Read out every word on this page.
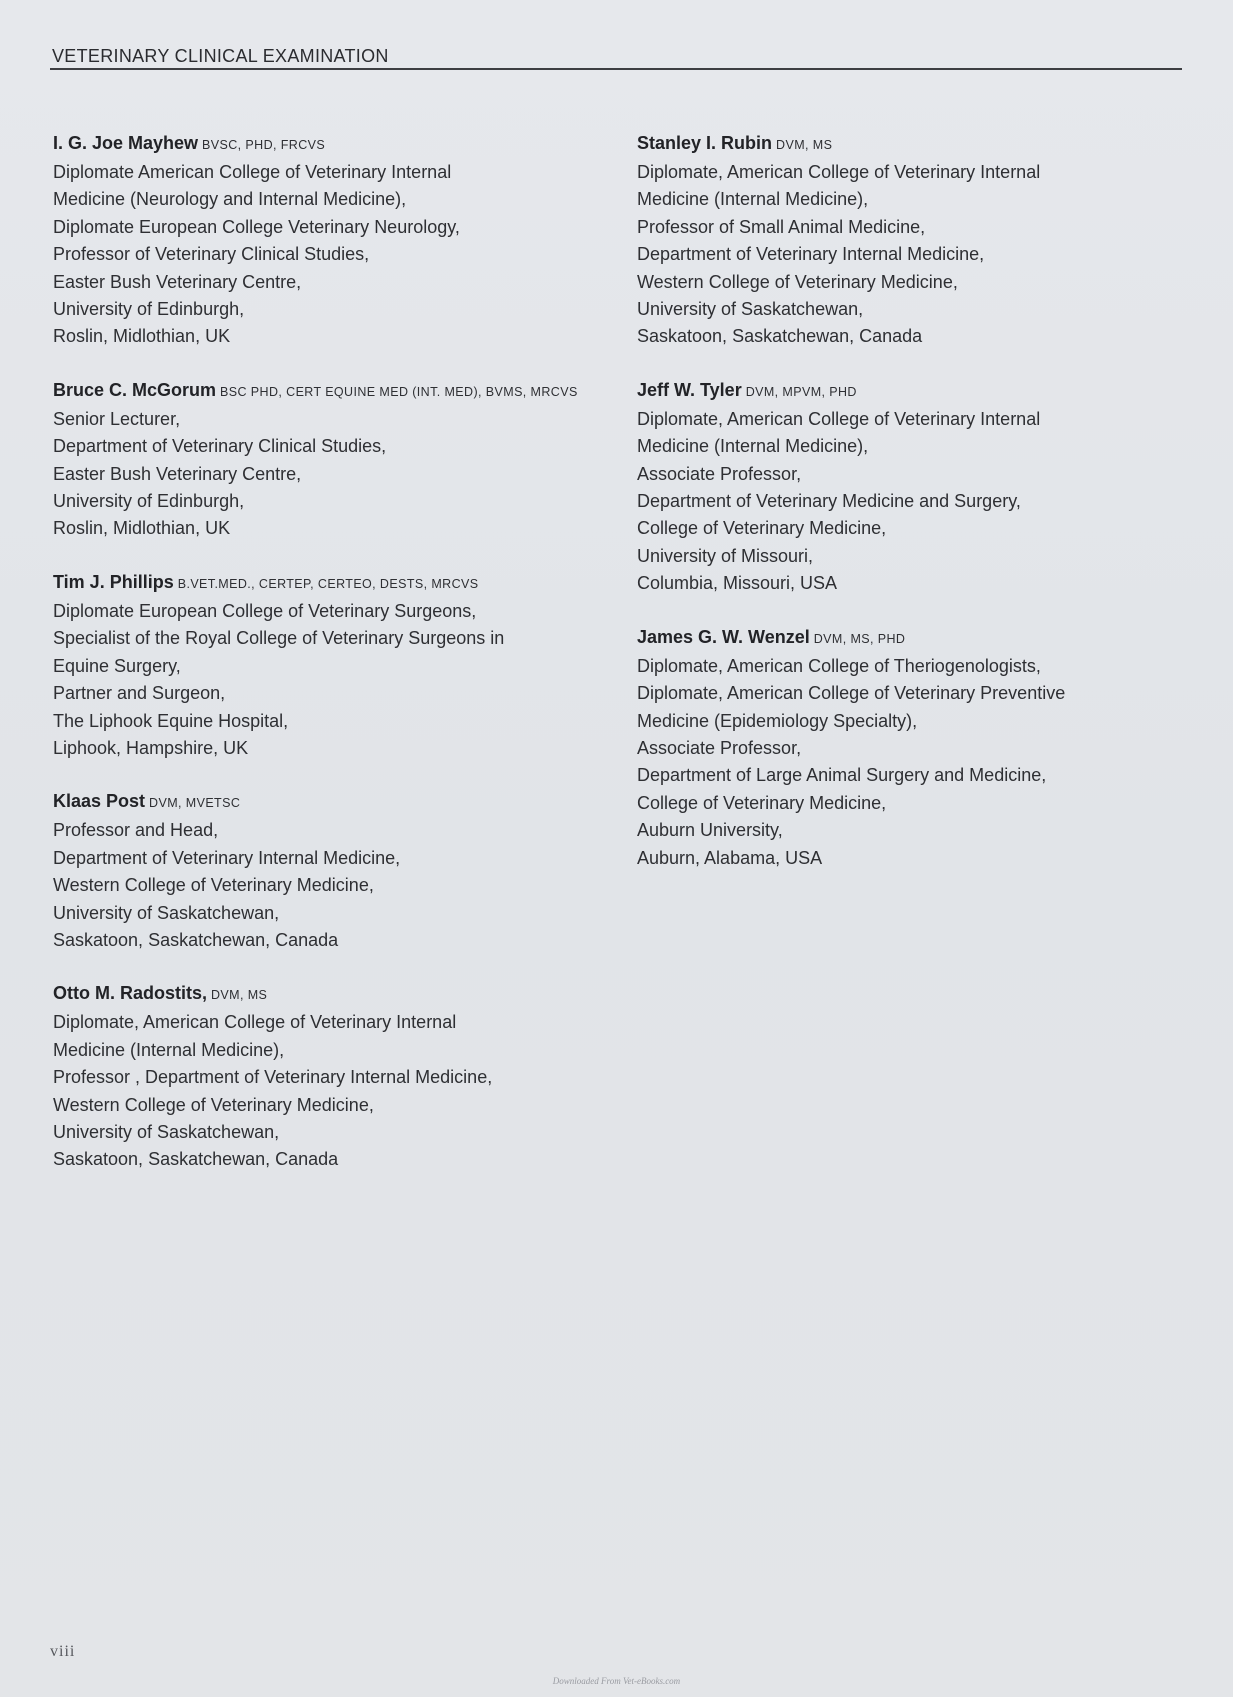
VETERINARY CLINICAL EXAMINATION
I. G. Joe Mayhew BVSC, PHD, FRCVS
Diplomate American College of Veterinary Internal
Medicine (Neurology and Internal Medicine),
Diplomate European College Veterinary Neurology,
Professor of Veterinary Clinical Studies,
Easter Bush Veterinary Centre,
University of Edinburgh,
Roslin, Midlothian, UK
Bruce C. McGorum BSC PHD, CERT EQUINE MED (INT. MED), BVMS, MRCVS
Senior Lecturer,
Department of Veterinary Clinical Studies,
Easter Bush Veterinary Centre,
University of Edinburgh,
Roslin, Midlothian, UK
Tim J. Phillips B.VET.MED., CERTEP, CERTEO, DESTS, MRCVS
Diplomate European College of Veterinary Surgeons,
Specialist of the Royal College of Veterinary Surgeons in
Equine Surgery,
Partner and Surgeon,
The Liphook Equine Hospital,
Liphook, Hampshire, UK
Klaas Post DVM, MVETSC
Professor and Head,
Department of Veterinary Internal Medicine,
Western College of Veterinary Medicine,
University of Saskatchewan,
Saskatoon, Saskatchewan, Canada
Otto M. Radostits, DVM, MS
Diplomate, American College of Veterinary Internal
Medicine (Internal Medicine),
Professor , Department of Veterinary Internal Medicine,
Western College of Veterinary Medicine,
University of Saskatchewan,
Saskatoon, Saskatchewan, Canada
Stanley I. Rubin DVM, MS
Diplomate, American College of Veterinary Internal
Medicine (Internal Medicine),
Professor of Small Animal Medicine,
Department of Veterinary Internal Medicine,
Western College of Veterinary Medicine,
University of Saskatchewan,
Saskatoon, Saskatchewan, Canada
Jeff W. Tyler DVM, MPVM, PHD
Diplomate, American College of Veterinary Internal
Medicine (Internal Medicine),
Associate Professor,
Department of Veterinary Medicine and Surgery,
College of Veterinary Medicine,
University of Missouri,
Columbia, Missouri, USA
James G. W. Wenzel DVM, MS, PHD
Diplomate, American College of Theriogenologists,
Diplomate, American College of Veterinary Preventive
Medicine (Epidemiology Specialty),
Associate Professor,
Department of Large Animal Surgery and Medicine,
College of Veterinary Medicine,
Auburn University,
Auburn, Alabama, USA
viii
Downloaded From Vet-eBooks.com
